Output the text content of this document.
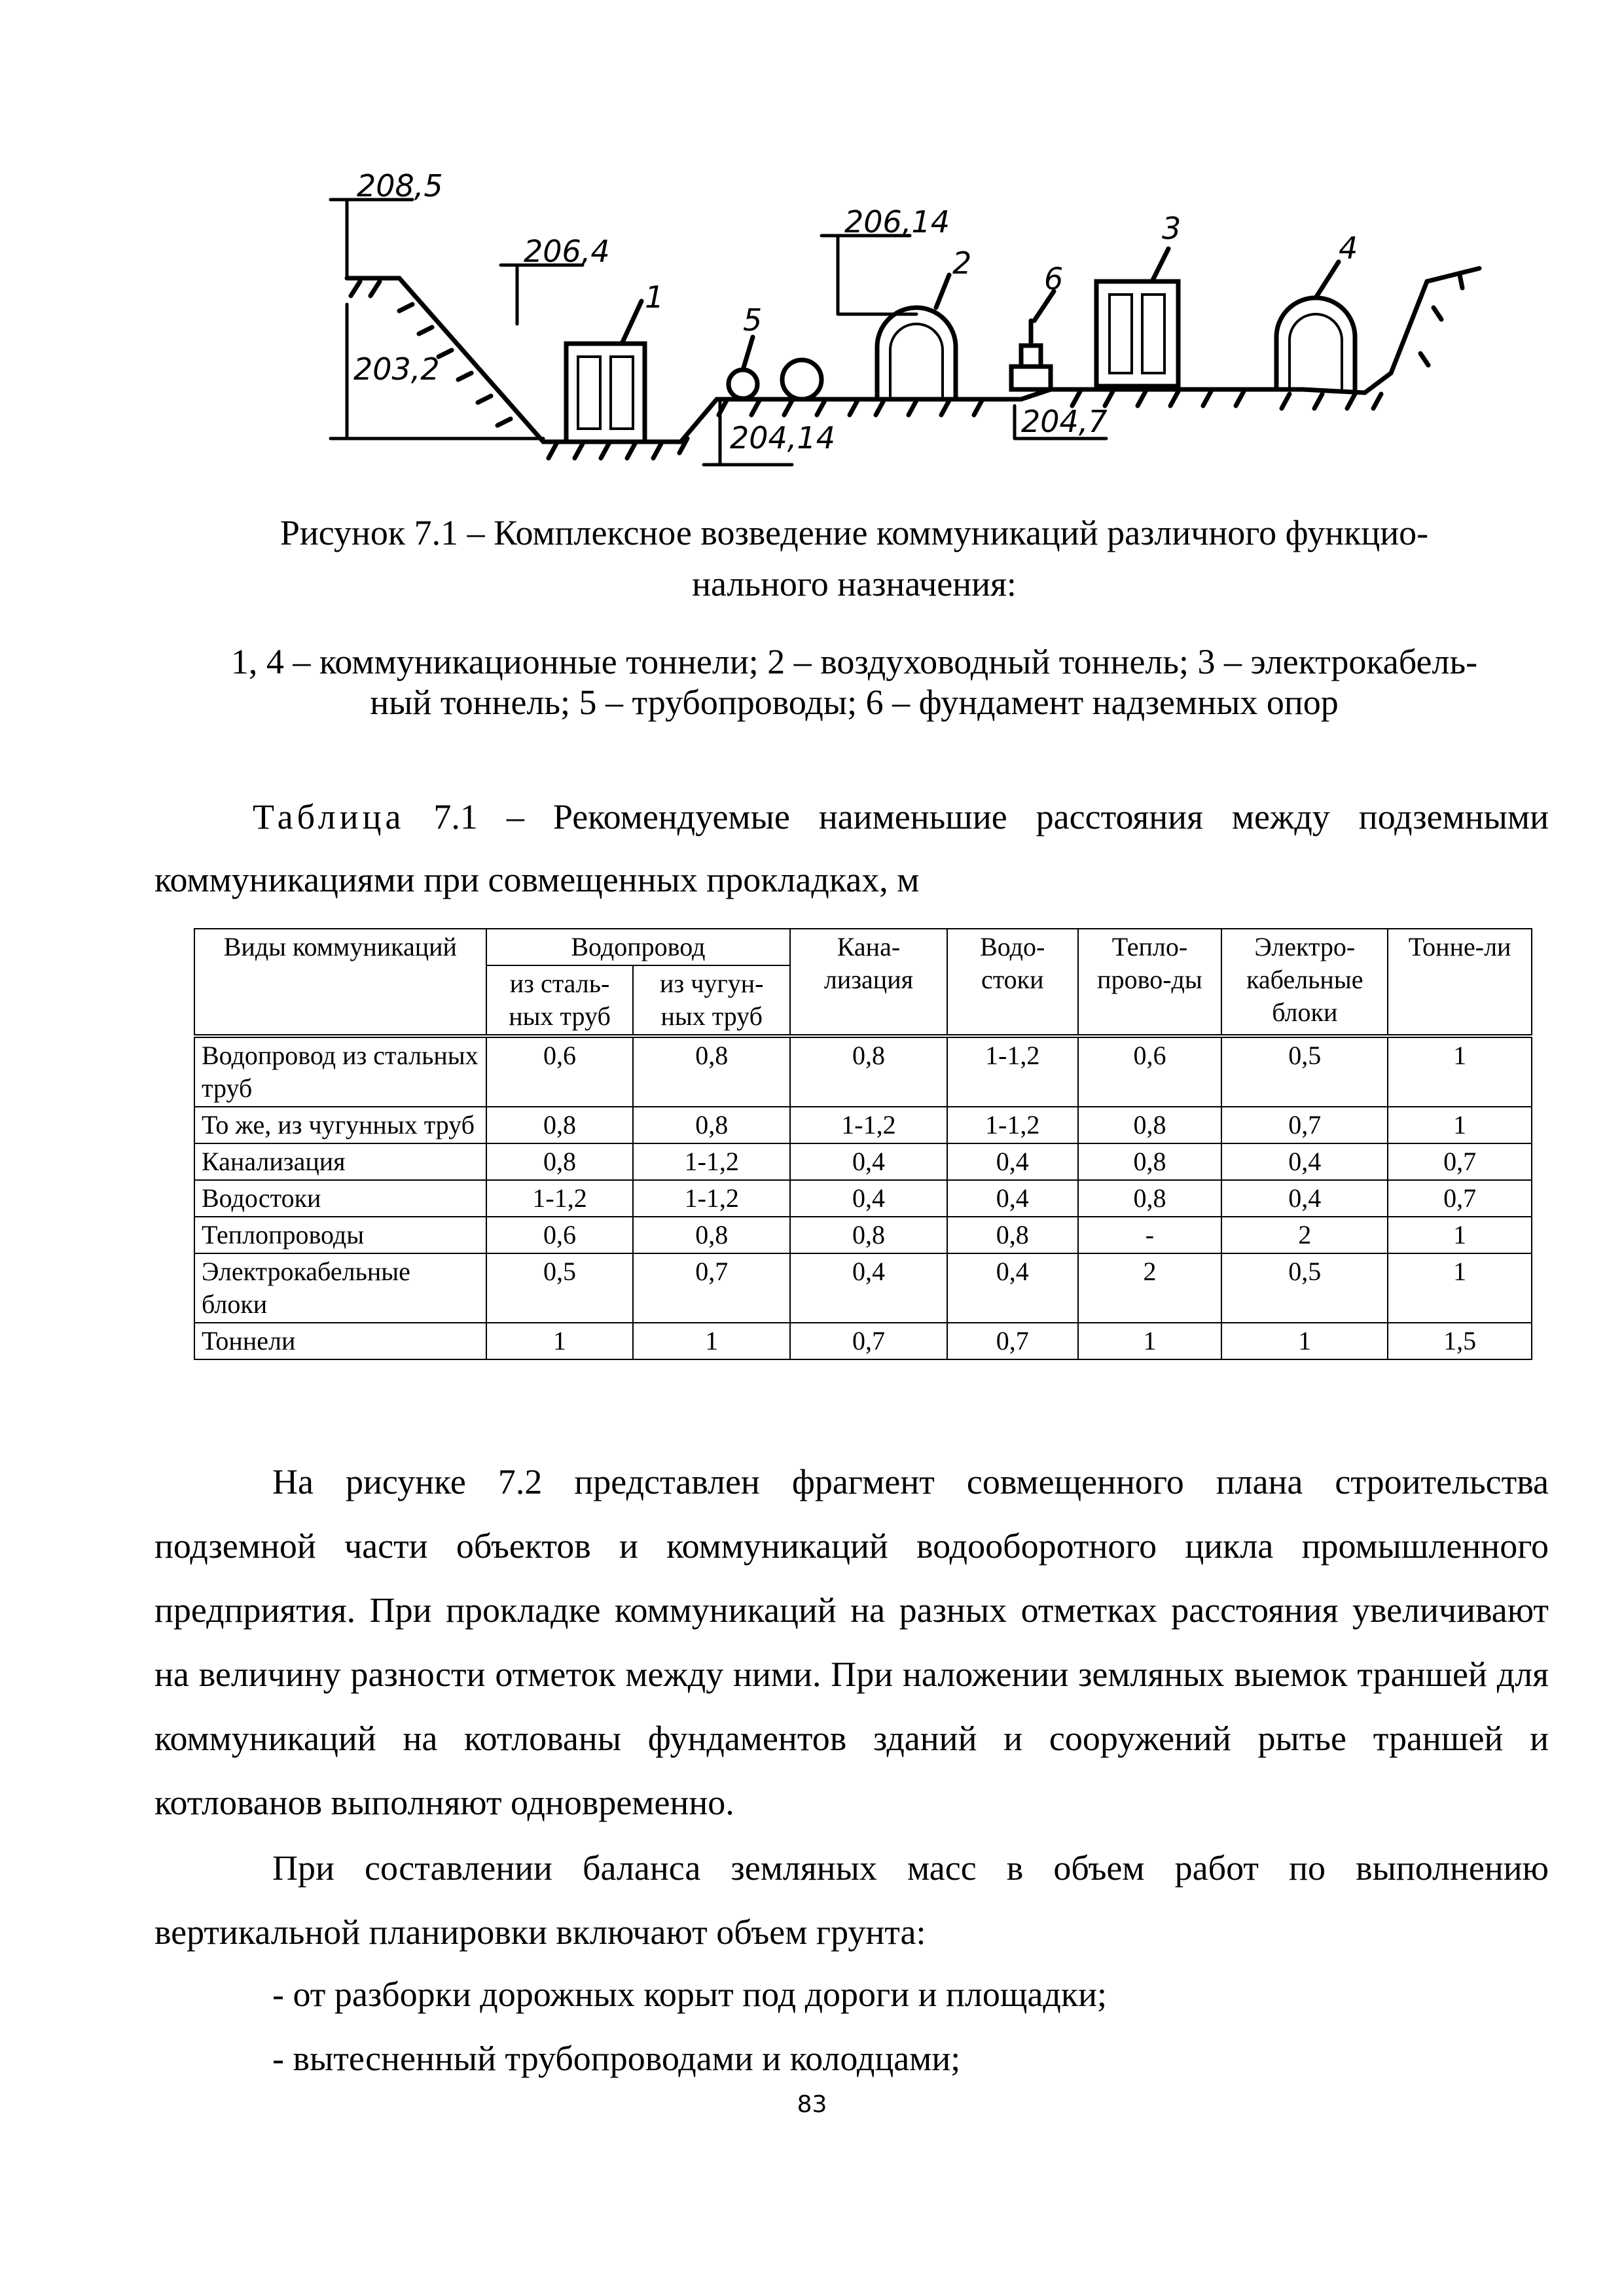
208,5
206,4
206,14
203,2
204,14	204,7
1
2
3
4
5
6
Рисунок 7.1 – Комплексное возведение коммуникаций различного функцио-
нального назначения:
1, 4 – коммуникационные тоннели; 2 – воздуховодный тоннель; 3 – электрокабель-
ный тоннель; 5 – трубопроводы; 6 – фундамент надземных опор
Таблица 7.1 – Рекомендуемые наименьшие расстояния между подземными коммуникациями при совмещенных прокладках, м
Виды коммуникаций	Водопровод		Кана-лизация	Водо-стоки	Тепло-прово-ды	Электро-кабельные блоки	Тонне-ли
	из сталь-ных труб	из чугун-ных труб					
Водопровод из стальных труб	0,6	0,8	0,8	1-1,2	0,6	0,5	1
То же, из чугунных труб	0,8	0,8	1-1,2	1-1,2	0,8	0,7	1
Канализация	0,8	1-1,2	0,4	0,4	0,8	0,4	0,7
Водостоки	1-1,2	1-1,2	0,4	0,4	0,8	0,4	0,7
Теплопроводы	0,6	0,8	0,8	0,8	-	2	1
Электрокабельные блоки	0,5	0,7	0,4	0,4	2	0,5	1
Тоннели	1	1	0,7	0,7	1	1	1,5

На рисунке 7.2 представлен фрагмент совмещенного плана строительства подземной части объектов и коммуникаций водооборотного цикла промышленного предприятия. При прокладке коммуникаций на разных отметках расстояния увеличивают на величину разности отметок между ними. При наложении земляных выемок траншей для коммуникаций на котлованы фундаментов зданий и сооружений рытье траншей и котлованов выполняют одновременно.

При составлении баланса земляных масс в объем работ по выполнению вертикальной планировки включают объем грунта:

- от разборки дорожных корыт под дороги и площадки;
- вытесненный трубопроводами и колодцами;
83
